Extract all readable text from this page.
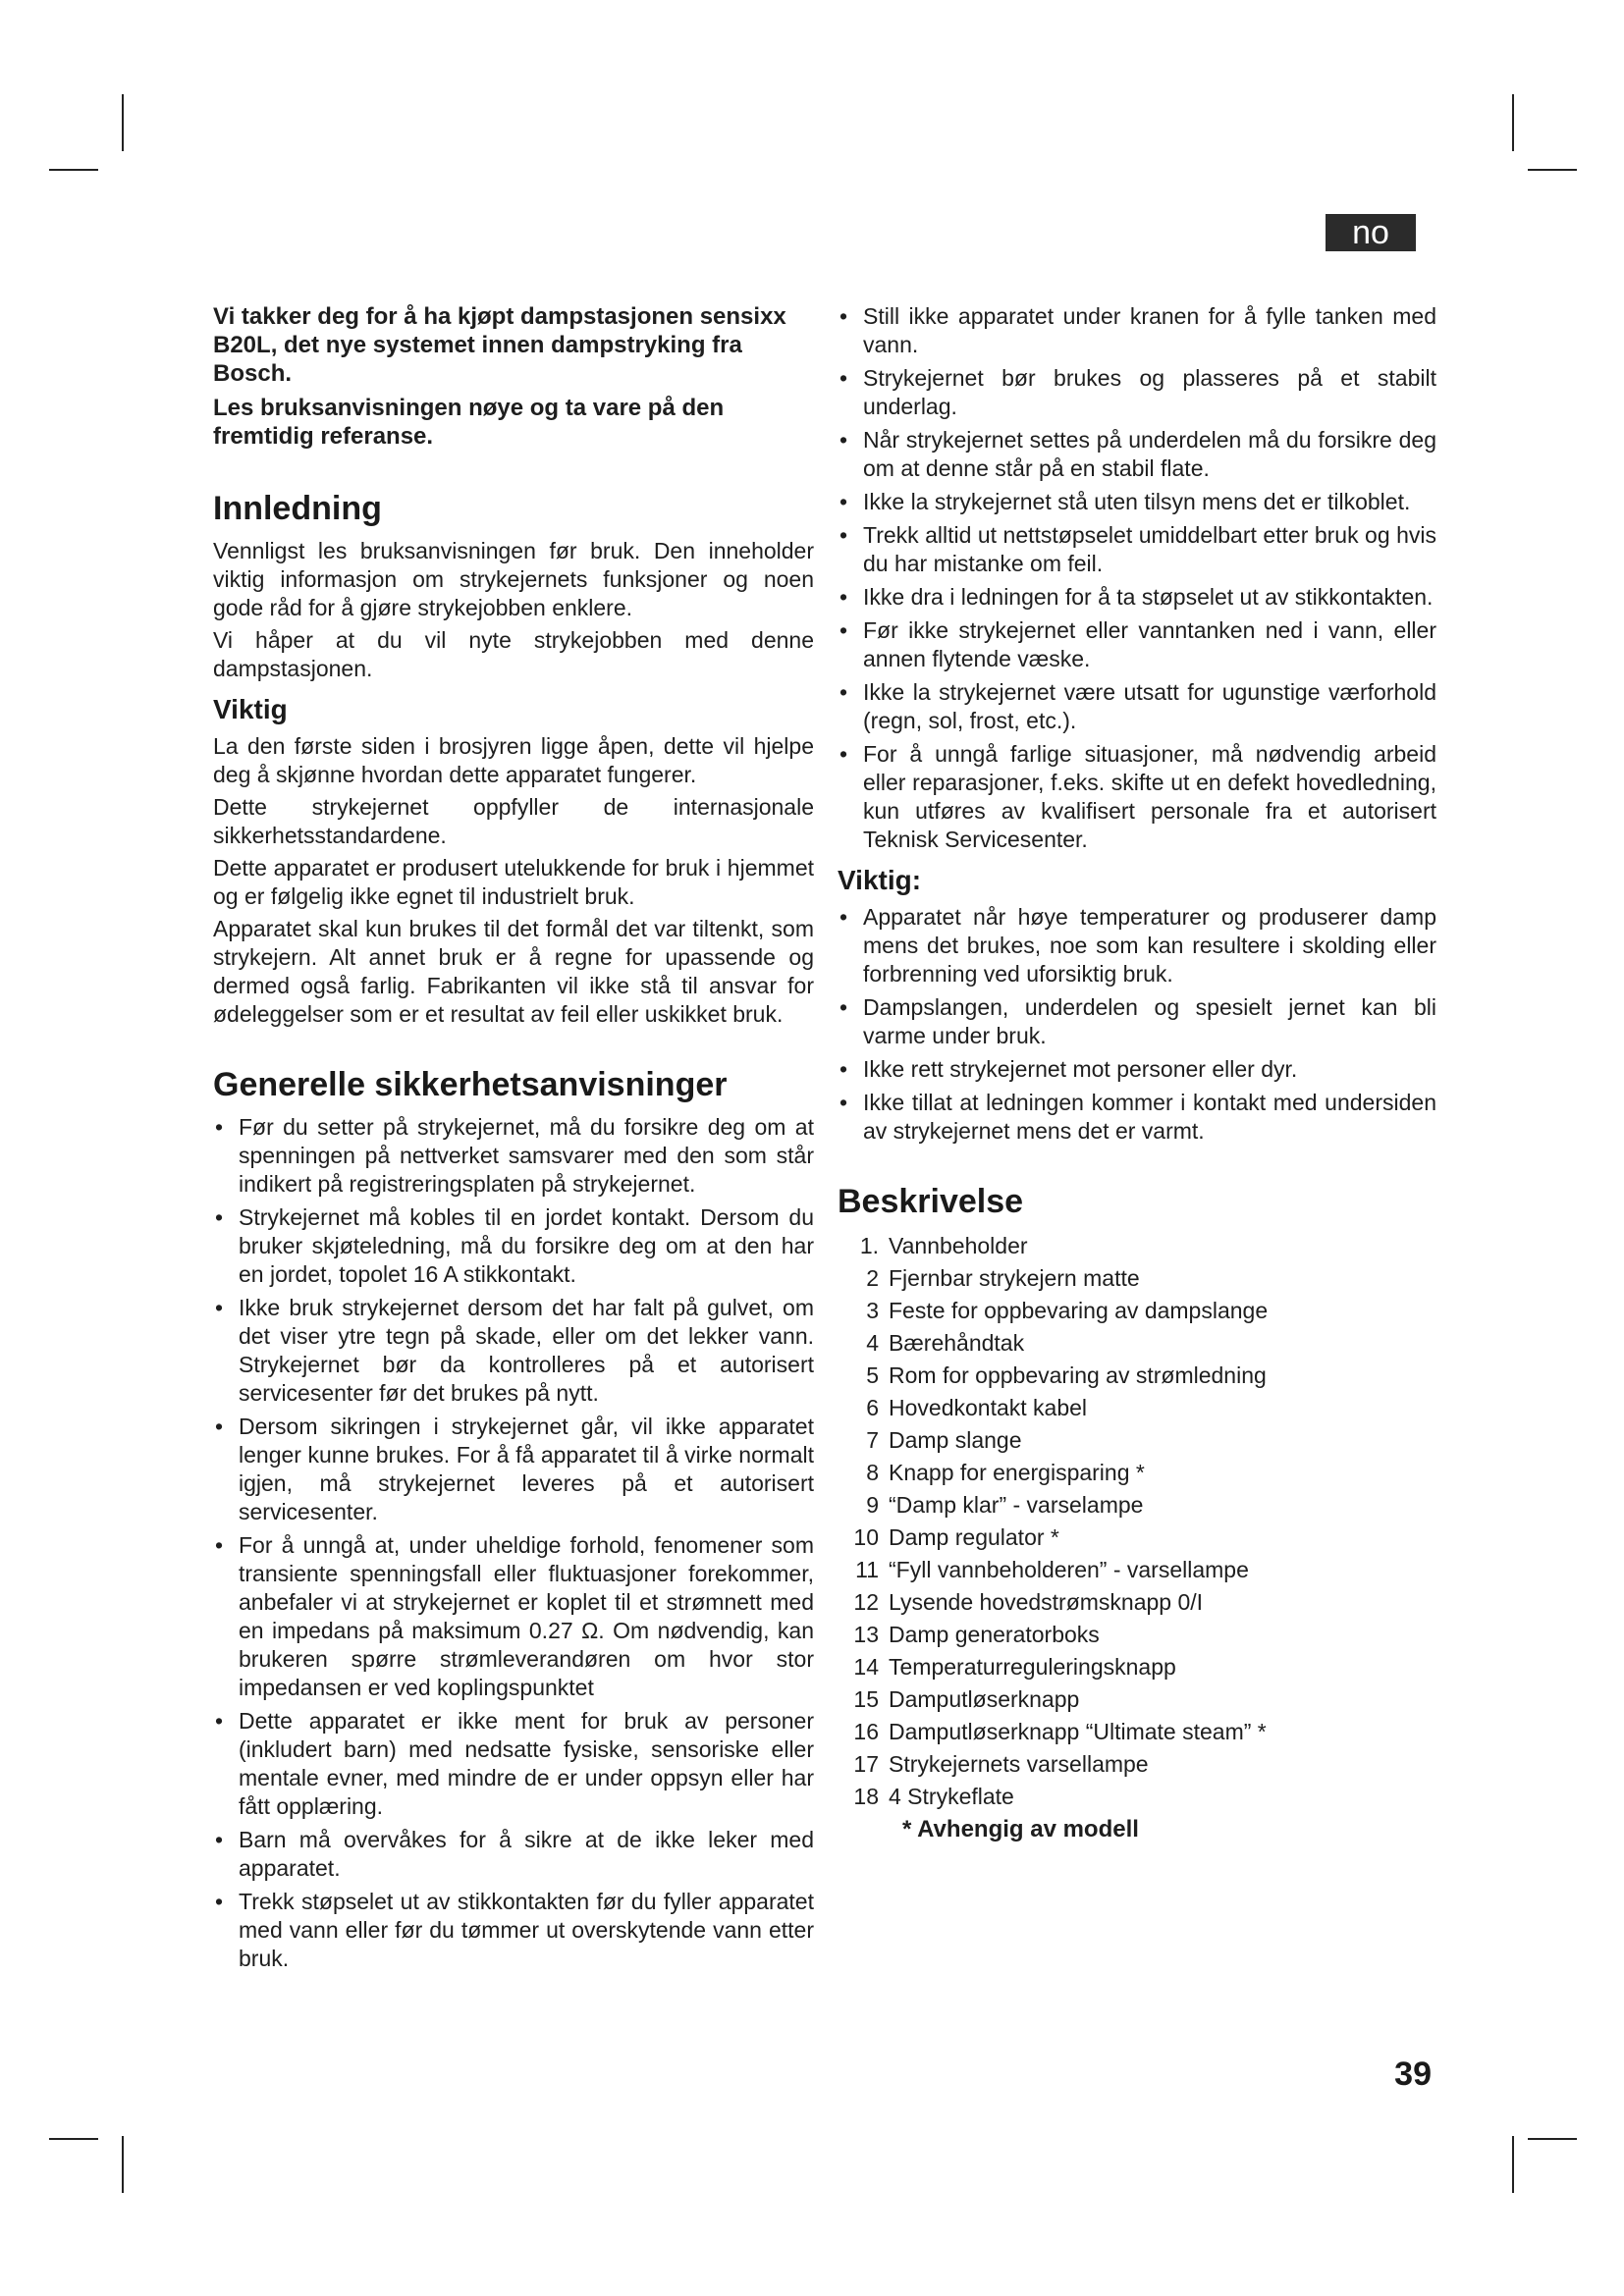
no

Vi takker deg for å ha kjøpt dampstasjonen sensixx B20L, det nye systemet innen dampstryking fra Bosch.

Les bruksanvisningen nøye og ta vare på den fremtidig referanse.

Innledning

Vennligst les bruksanvisningen før bruk. Den inneholder viktig informasjon om strykejernets funksjoner og noen gode råd for å gjøre strykejobben enklere.

Vi håper at du vil nyte strykejobben med denne dampstasjonen.

Viktig

La den første siden i brosjyren ligge åpen, dette vil hjelpe deg å skjønne hvordan dette apparatet fungerer.

Dette strykejernet oppfyller de internasjonale sikkerhetsstandardene.

Dette apparatet er produsert utelukkende for bruk i hjemmet og er følgelig ikke egnet til industrielt bruk.

Apparatet skal kun brukes til det formål det var tiltenkt, som strykejern. Alt annet bruk er å regne for upassende og dermed også farlig. Fabrikanten vil ikke stå til ansvar for ødeleggelser som er et resultat av feil eller uskikket bruk.

Generelle sikkerhetsanvisninger
• Før du setter på strykejernet, må du forsikre deg om at spenningen på nettverket samsvarer med den som står indikert på registreringsplaten på strykejernet.
• Strykejernet må kobles til en jordet kontakt. Dersom du bruker skjøteledning, må du forsikre deg om at den har en jordet, topolet 16 A stikkontakt.
• Ikke bruk strykejernet dersom det har falt på gulvet, om det viser ytre tegn på skade, eller om det lekker vann. Strykejernet bør da kontrolleres på et autorisert servicesenter før det brukes på nytt.
• Dersom sikringen i strykejernet går, vil ikke apparatet lenger kunne brukes. For å få apparatet til å virke normalt igjen, må strykejernet leveres på et autorisert servicesenter.
• For å unngå at, under uheldige forhold, fenomener som transiente spenningsfall eller fluktuasjoner forekommer, anbefaler vi at strykejernet er koplet til et strømnett med en impedans på maksimum 0.27 Ω. Om nødvendig, kan brukeren spørre strømleverandøren om hvor stor impedansen er ved koplingspunktet
• Dette apparatet er ikke ment for bruk av personer (inkludert barn) med nedsatte fysiske, sensoriske eller mentale evner, med mindre de er under oppsyn eller har fått opplæring.
• Barn må overvåkes for å sikre at de ikke leker med apparatet.
• Trekk støpselet ut av stikkontakten før du fyller apparatet med vann eller før du tømmer ut overskytende vann etter bruk.
• Still ikke apparatet under kranen for å fylle tanken med vann.
• Strykejernet bør brukes og plasseres på et stabilt underlag.
• Når strykejernet settes på underdelen må du forsikre deg om at denne står på en stabil flate.
• Ikke la strykejernet stå uten tilsyn mens det er tilkoblet.
• Trekk alltid ut nettstøpselet umiddelbart etter bruk og hvis du har mistanke om feil.
• Ikke dra i ledningen for å ta støpselet ut av stikkontakten.
• Før ikke strykejernet eller vanntanken ned i vann, eller annen flytende væske.
• Ikke la strykejernet være utsatt for ugunstige værforhold (regn, sol, frost, etc.).
• For å unngå farlige situasjoner, må nødvendig arbeid eller reparasjoner, f.eks. skifte ut en defekt hovedledning, kun utføres av kvalifisert personale fra et autorisert Teknisk Servicesenter.
Viktig:
• Apparatet når høye temperaturer og produserer damp mens det brukes, noe som kan resultere i skolding eller forbrenning ved uforsiktig bruk.
• Dampslangen, underdelen og spesielt jernet kan bli varme under bruk.
• Ikke rett strykejernet mot personer eller dyr.
• Ikke tillat at ledningen kommer i kontakt med undersiden av strykejernet mens det er varmt.
Beskrivelse
1. Vannbeholder
2 Fjernbar strykejern matte
3 Feste for oppbevaring av dampslange
4 Bærehåndtak
5 Rom for oppbevaring av strømledning
6 Hovedkontakt kabel
7 Damp slange
8 Knapp for energisparing *
9 “Damp klar” - varselampe
10 Damp regulator *
11 “Fyll vannbeholderen” - varsellampe
12 Lysende hovedstrømsknapp 0/I
13 Damp generatorboks
14 Temperaturreguleringsknapp
15 Damputløserknapp
16 Damputløserknapp “Ultimate steam” *
17 Strykejernets varsellampe
18 4 Strykeflate

* Avhengig av modell

39
